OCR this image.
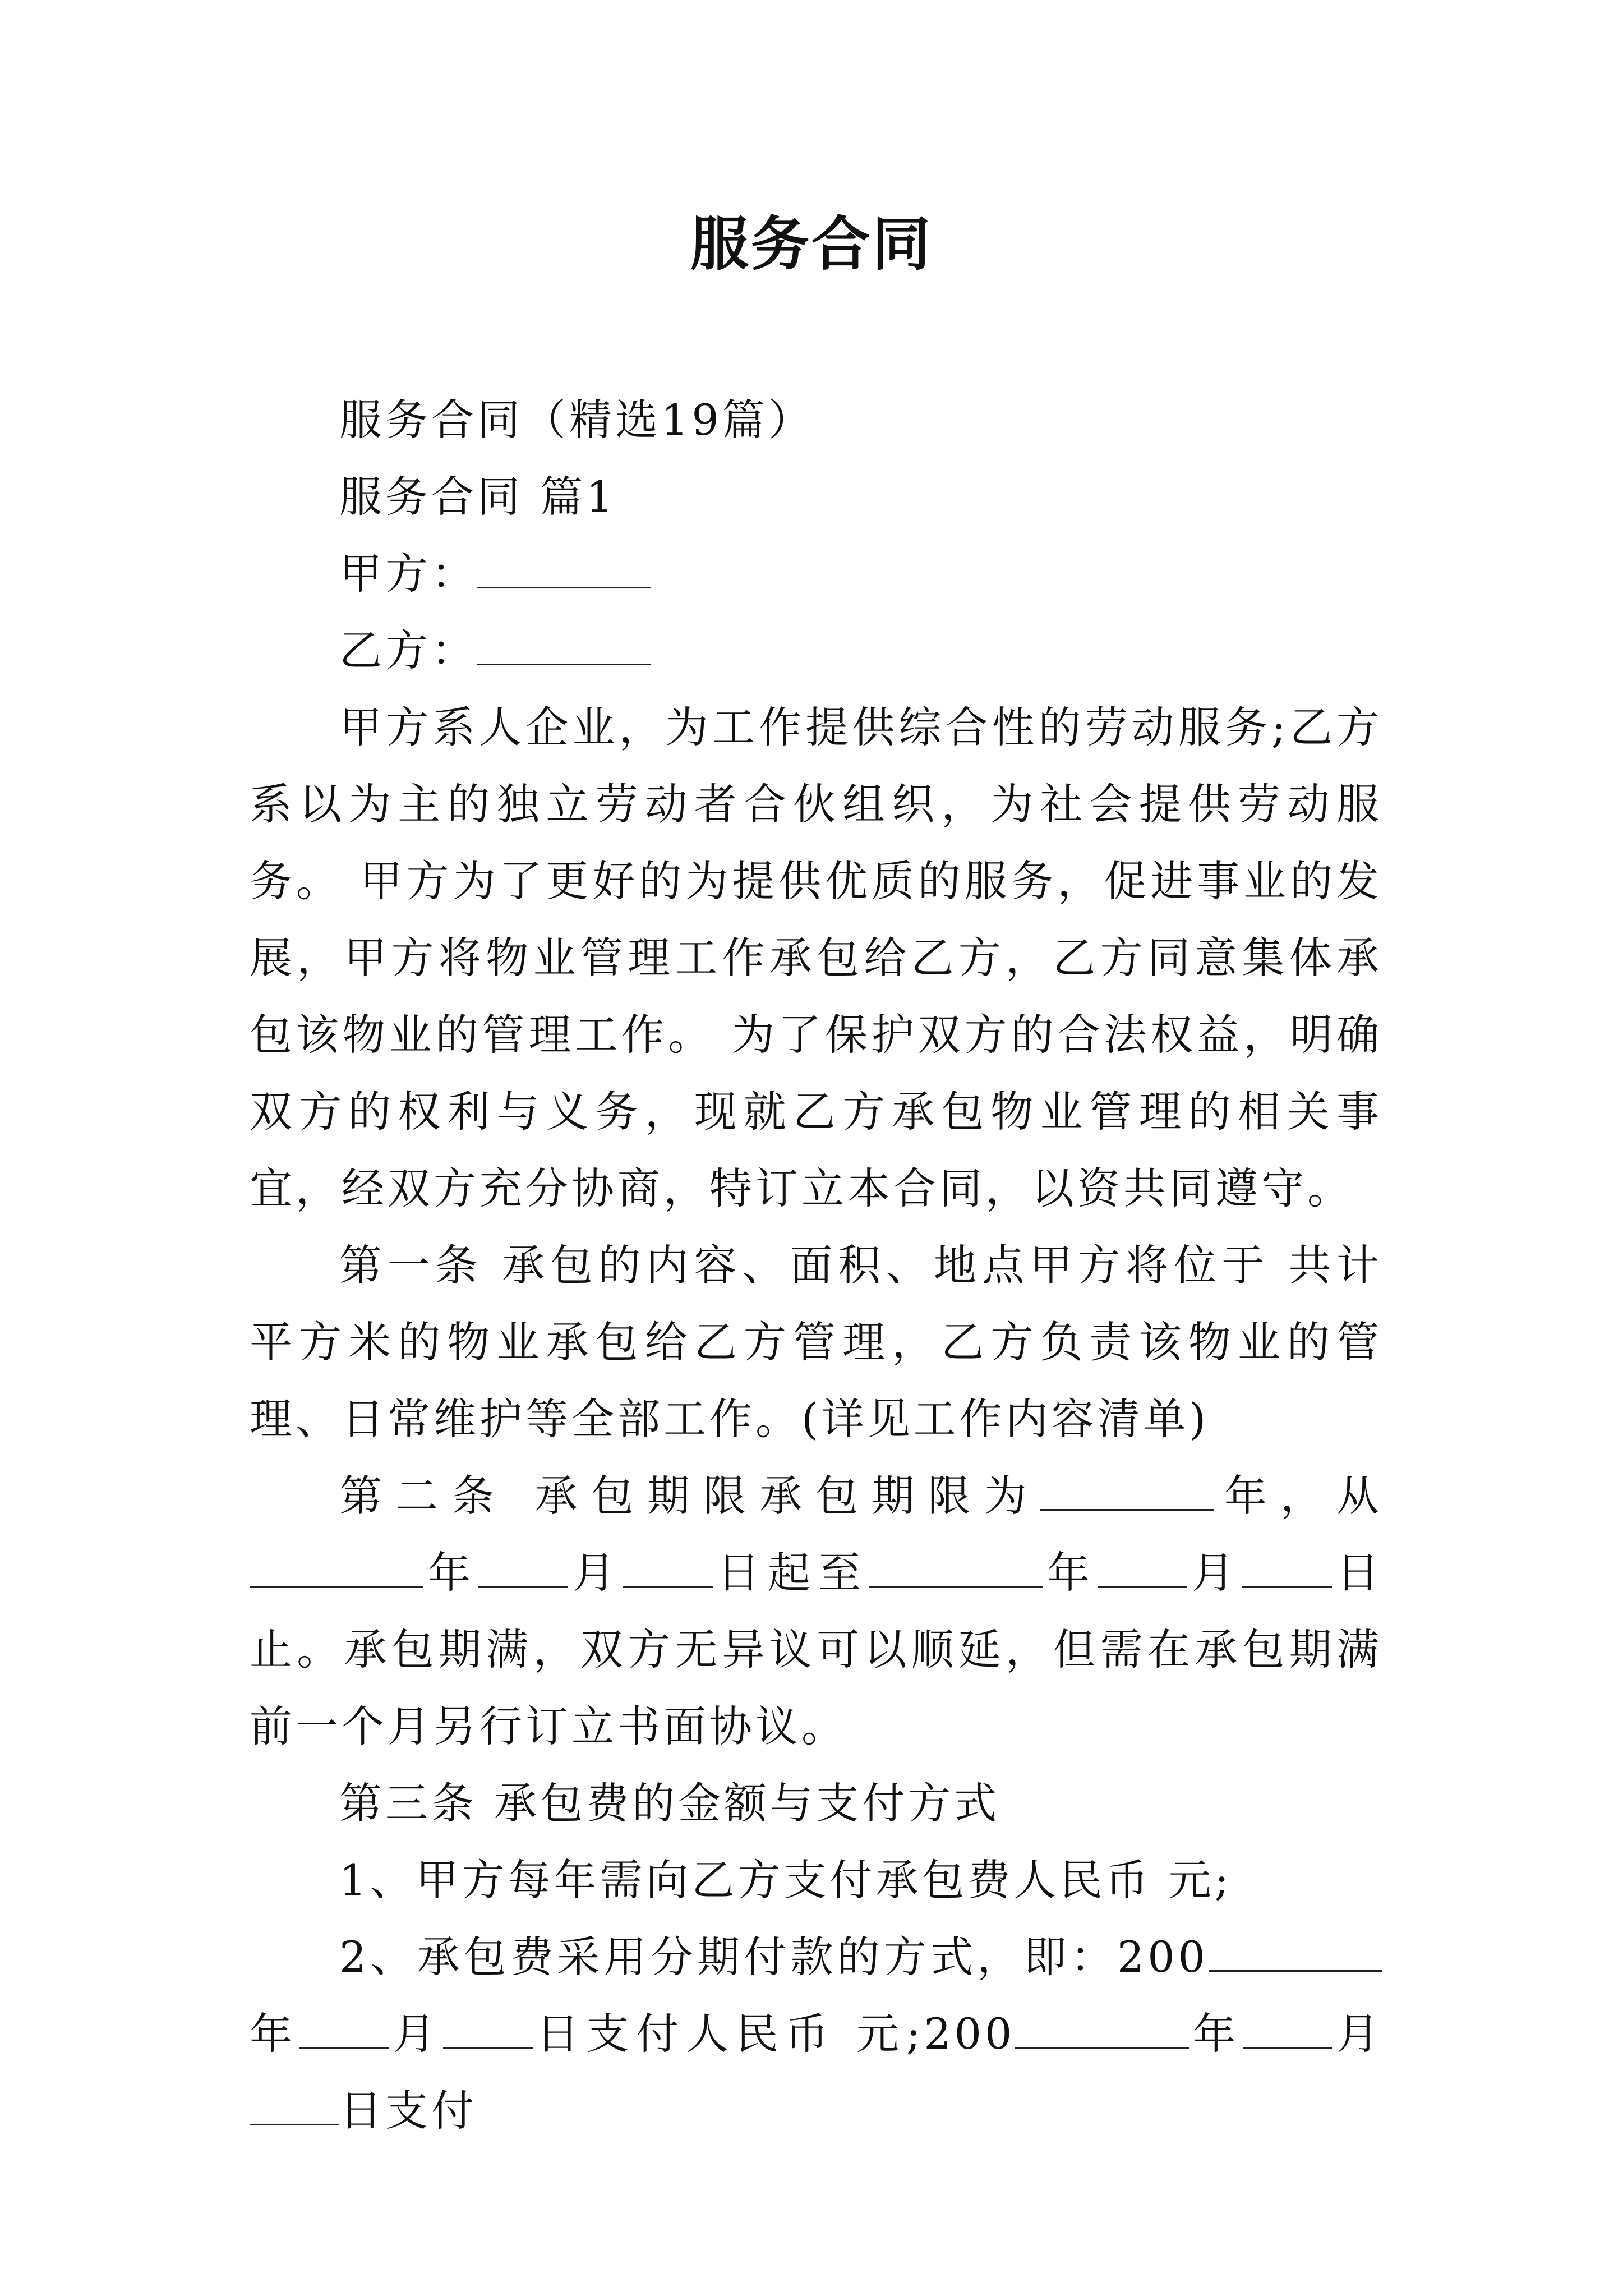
服务合同

服务合同（精选19篇）

服务合同 篇1

甲方：

乙方：

甲方系人企业，为工作提供综合性的劳动服务;乙方系以为主的独立劳动者合伙组织，为社会提供劳动服务。 甲方为了更好的为提供优质的服务，促进事业的发展，甲方将物业管理工作承包给乙方，乙方同意集体承包该物业的管理工作。 为了保护双方的合法权益，明确双方的权利与义务，现就乙方承包物业管理的相关事宜，经双方充分协商，特订立本合同，以资共同遵守。

第一条 承包的内容、面积、地点甲方将位于 共计 平方米的物业承包给乙方管理，乙方负责该物业的管理、日常维护等全部工作。(详见工作内容清单)

第二条 承包期限承包期限为	年，从年 月 日起至	年 月 日止。承包期满，双方无异议可以顺延，但需在承包期满前一个月另行订立书面协议。

第三条 承包费的金额与支付方式

1、甲方每年需向乙方支付承包费人民币 元;

2、承包费采用分期付款的方式，即：200年 月 日支付人民币 元;200	年 月日支付
